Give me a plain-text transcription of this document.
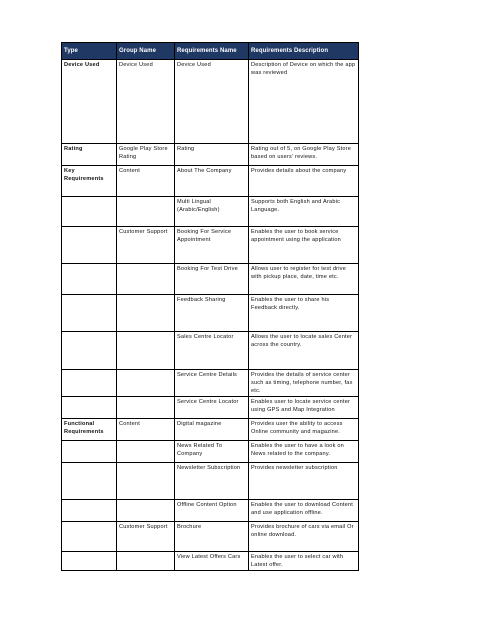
Type	Group Name	Requirements Name	Requirements Description
Device Used	Device Used	Device Used	Description of Device on which the app was reviewed
Rating	Google Play Store Rating	Rating	Rating out of 5, on Google Play Store based on users’ reviews.
Key Requirements	Content	About The Company	Provides details about the company
		Multi Lingual (Arabic/English)	Supports both English and Arabic Language.
	Customer Support	Booking For Service Appointment	Enables the user to book service appointment using the application
		Booking For Test Drive	Allows user to register for test drive with pickup place, date, time etc.
		Feedback Sharing	Enables the user to share his Feedback directly.
		Sales Centre Locator	Allows the user to locate sales Center across the country.
		Service Centre Details	Provides the details of service center such as timing, telephone number, fax etc.
		Service Centre Locator	Enables user to locate service center using GPS and Map Integration
Functional Requirements	Content	Digital magazine	Provides user the ability to access Online community and magazine.
		News Related To Company	Enables the user to have a look on News related to the company.
		Newsletter Subscription	Provides newsletter subscription
		Offline Content Option	Enables the user to download Content and use application offline.
	Customer Support	Brochure	Provides brochure of cars via email Or online download.
		View Latest Offers Cars	Enables the user to select car with Latest offer.
